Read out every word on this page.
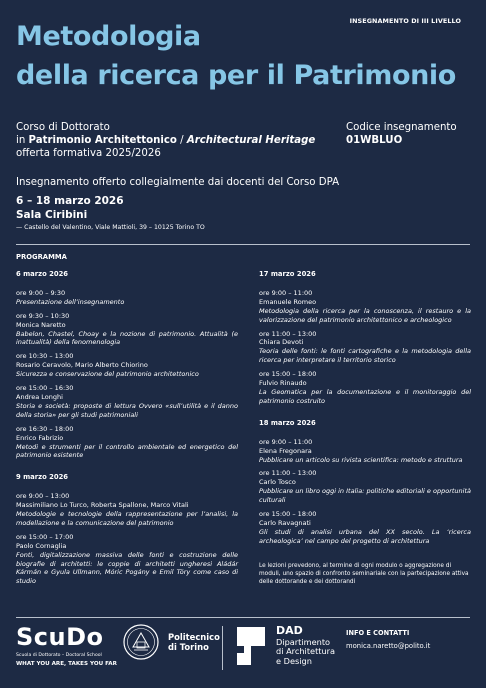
INSEGNAMENTO DI III LIVELLO
Metodologia
della ricerca per il Patrimonio
Corso di Dottorato
in Patrimonio Architettonico / Architectural Heritage
offerta formativa 2025/2026
Codice insegnamento
01WBLUO
Insegnamento offerto collegialmente dai docenti del Corso DPA
6 – 18 marzo 2026
Sala Ciribini
— Castello del Valentino, Viale Mattioli, 39 – 10125 Torino TO
PROGRAMMA
6 marzo 2026
ore 9:00 – 9:30
Presentazione dell’insegnamento
ore 9:30 – 10:30
Monica Naretto
Babelon, Chastel, Choay e la nozione di patrimonio. Attualità (e inattualità) della fenomenologia
ore 10:30 – 13:00
Rosario Ceravolo, Mario Alberto Chiorino
Sicurezza e conservazione del patrimonio architettonico
ore 15:00 – 16:30
Andrea Longhi
Storia e società: proposte di lettura Ovvero «sull’utilità e il danno della storia» per gli studi patrimoniali
ore 16:30 – 18:00
Enrico Fabrizio
Metodi e strumenti per il controllo ambientale ed energetico del patrimonio esistente
9 marzo 2026
ore 9:00 – 13:00
Massimiliano Lo Turco, Roberta Spallone, Marco Vitali
Metodologie e tecnologie della rappresentazione per l’analisi, la modellazione e la comunicazione del patrimonio
ore 15:00 – 17:00
Paolo Cornaglia
Fonti, digitalizzazione massiva delle fonti e costruzione delle biografie di architetti: le coppie di architetti ungheresi Aládár Kármán e Gyula Ullmann, Móric Pogány e Emil Töry come caso di studio
17 marzo 2026
ore 9:00 – 11:00
Emanuele Romeo
Metodologia della ricerca per la conoscenza, il restauro e la valorizzazione del patrimonio architettonico e archeologico
ore 11:00 – 13:00
Chiara Devoti
Teoria delle fonti: le fonti cartografiche e la metodologia della ricerca per interpretare il territorio storico
ore 15:00 – 18:00
Fulvio Rinaudo
La Geomatica per la documentazione e il monitoraggio del patrimonio costruito
18 marzo 2026
ore 9:00 – 11:00
Elena Fregonara
Pubblicare un articolo su rivista scientifica: metodo e struttura
ore 11:00 – 13:00
Carlo Tosco
Pubblicare un libro oggi in Italia: politiche editoriali e opportunità culturali
ore 15:00 – 18:00
Carlo Ravagnati
Gli studi di analisi urbana del XX secolo. La ‘ricerca archeologica’ nel campo del progetto di architettura
Le lezioni prevedono, al termine di ogni modulo o aggregazione di moduli, uno spazio di confronto seminariale con la partecipazione attiva delle dottorande e dei dottorandi
ScuDo
Scuola di Dottorato – Doctoral School
WHAT YOU ARE, TAKES YOU FAR
Politecnico
di Torino
DAD
Dipartimento
di Architettura
e Design
INFO E CONTATTI
monica.naretto@polito.it
